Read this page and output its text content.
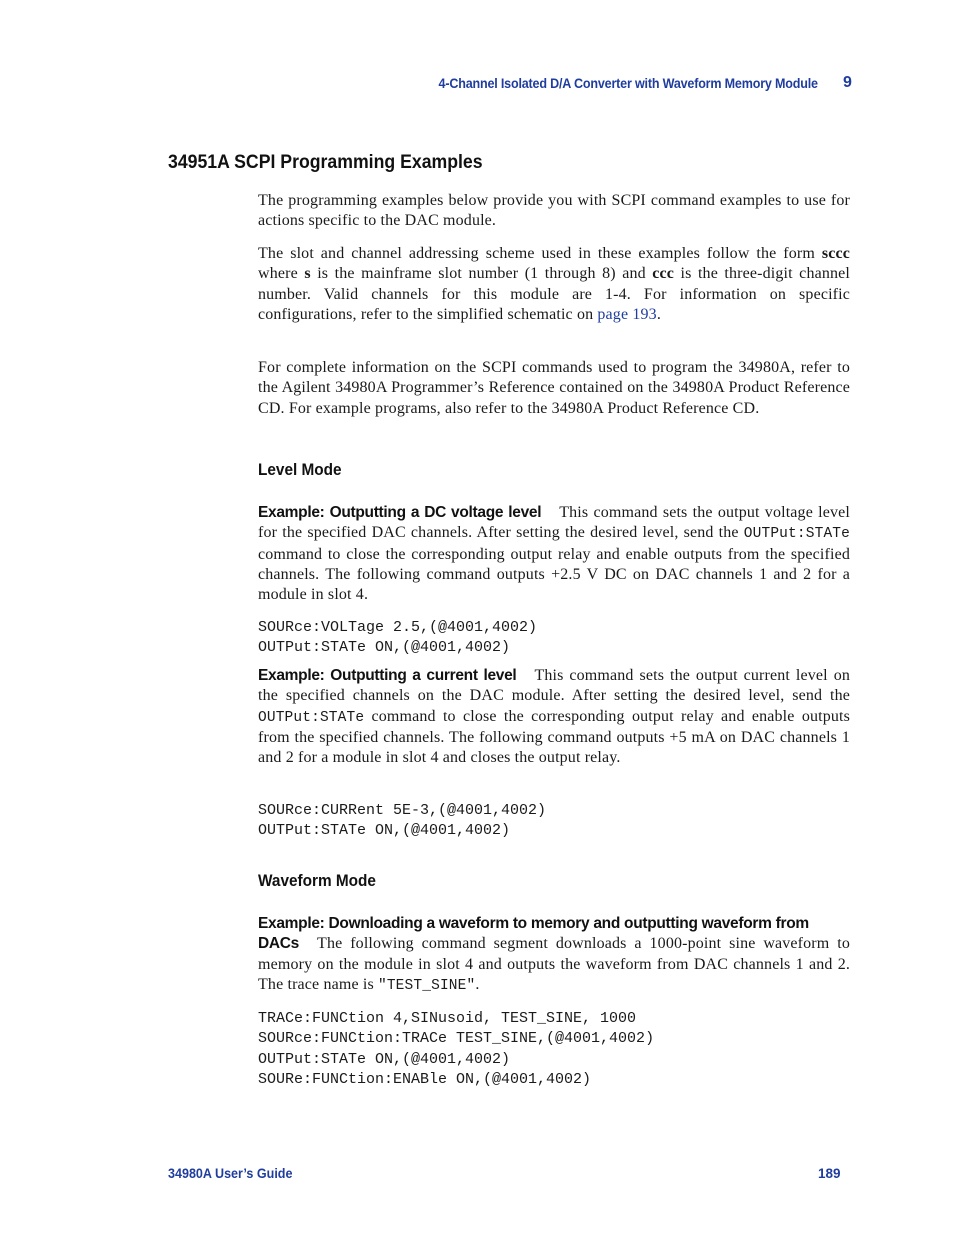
4-Channel Isolated D/A Converter with Waveform Memory Module 9
34951A SCPI Programming Examples

The programming examples below provide you with SCPI command examples to use for actions specific to the DAC module.

The slot and channel addressing scheme used in these examples follow the form sccc where s is the mainframe slot number (1 through 8) and ccc is the three-digit channel number. Valid channels for this module are 1-4. For information on specific configurations, refer to the simplified schematic on page 193.

For complete information on the SCPI commands used to program the 34980A, refer to the Agilent 34980A Programmer’s Reference contained on the 34980A Product Reference CD. For example programs, also refer to the 34980A Product Reference CD.

Level Mode

Example: Outputting a DC voltage level This command sets the output voltage level for the specified DAC channels. After setting the desired level, send the OUTPut:STATe command to close the corresponding output relay and enable outputs from the specified channels. The following command outputs +2.5 V DC on DAC channels 1 and 2 for a module in slot 4.

SOURce:VOLTage 2.5,(@4001,4002)
OUTPut:STATe ON,(@4001,4002)

Example: Outputting a current level This command sets the output current level on the specified channels on the DAC module. After setting the desired level, send the OUTPut:STATe command to close the corresponding output relay and enable outputs from the specified channels. The following command outputs +5 mA on DAC channels 1 and 2 for a module in slot 4 and closes the output relay.

SOURce:CURRent 5E-3,(@4001,4002)
OUTPut:STATe ON,(@4001,4002)
Waveform Mode

Example: Downloading a waveform to memory and outputting waveform from

DACs The following command segment downloads a 1000-point sine waveform to memory on the module in slot 4 and outputs the waveform from DAC channels 1 and 2. The trace name is "TEST_SINE".

TRACe:FUNCtion 4,SINusoid, TEST_SINE, 1000
SOURce:FUNCtion:TRACe TEST_SINE,(@4001,4002)
OUTPut:STATe ON,(@4001,4002)
SOURe:FUNCtion:ENABle ON,(@4001,4002)
34980A User’s Guide	189
